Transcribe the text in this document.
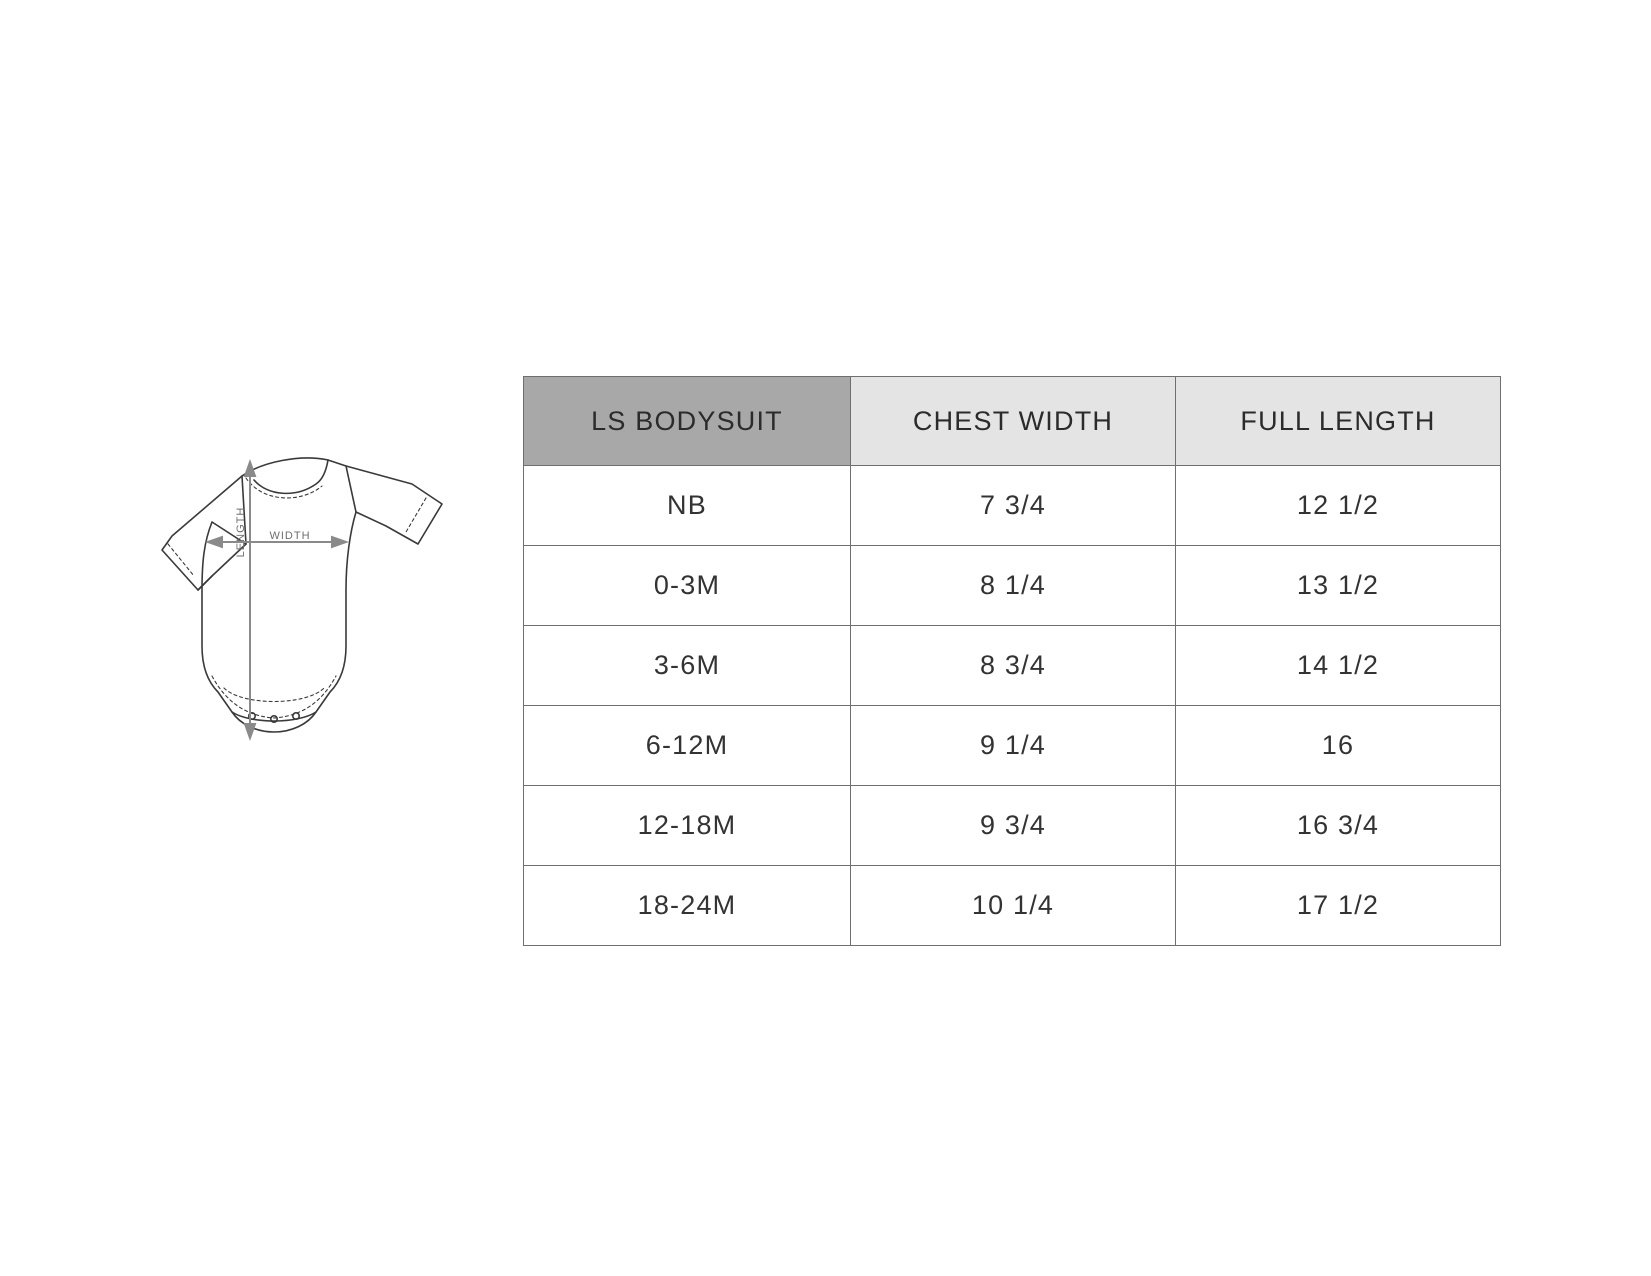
LENGTH WIDTH
LS BODYSUIT	CHEST WIDTH	FULL LENGTH
NB	7 3/4	12 1/2
0-3M	8 1/4	13 1/2
3-6M	8 3/4	14 1/2
6-12M	9 1/4	16
12-18M	9 3/4	16 3/4
18-24M	10 1/4	17 1/2
